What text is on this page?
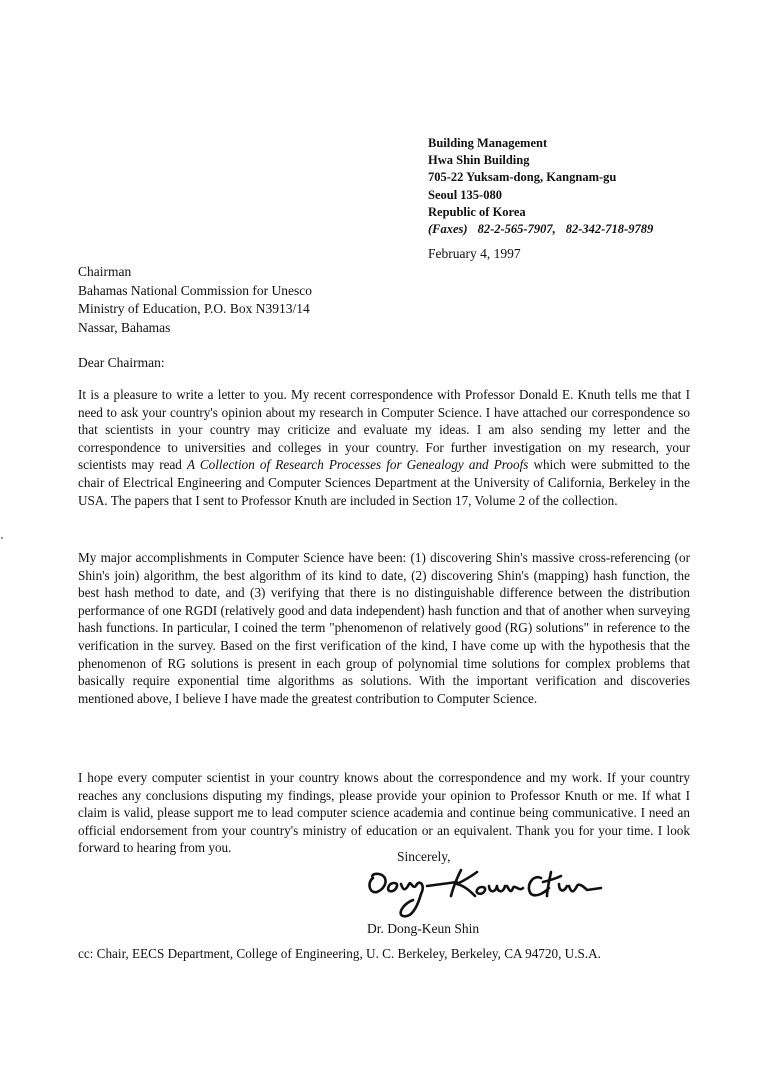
Building Management
Hwa Shin Building
705-22 Yuksam-dong, Kangnam-gu
Seoul 135-080
Republic of Korea
(Faxes) 82-2-565-7907, 82-342-718-9789
February 4, 1997
Chairman
Bahamas National Commission for Unesco
Ministry of Education, P.O. Box N3913/14
Nassar, Bahamas
Dear Chairman:
It is a pleasure to write a letter to you. My recent correspondence with Professor Donald E. Knuth tells me that I need to ask your country's opinion about my research in Computer Science. I have attached our correspondence so that scientists in your country may criticize and evaluate my ideas. I am also sending my letter and the correspondence to universities and colleges in your country. For further investigation on my research, your scientists may read A Collection of Research Processes for Genealogy and Proofs which were submitted to the chair of Electrical Engineering and Computer Sciences Department at the University of California, Berkeley in the USA. The papers that I sent to Professor Knuth are included in Section 17, Volume 2 of the collection.
My major accomplishments in Computer Science have been: (1) discovering Shin's massive cross-referencing (or Shin's join) algorithm, the best algorithm of its kind to date, (2) discovering Shin's (mapping) hash function, the best hash method to date, and (3) verifying that there is no distinguishable difference between the distribution performance of one RGDI (relatively good and data independent) hash function and that of another when surveying hash functions. In particular, I coined the term "phenomenon of relatively good (RG) solutions" in reference to the verification in the survey. Based on the first verification of the kind, I have come up with the hypothesis that the phenomenon of RG solutions is present in each group of polynomial time solutions for complex problems that basically require exponential time algorithms as solutions. With the important verification and discoveries mentioned above, I believe I have made the greatest contribution to Computer Science.
I hope every computer scientist in your country knows about the correspondence and my work. If your country reaches any conclusions disputing my findings, please provide your opinion to Professor Knuth or me. If what I claim is valid, please support me to lead computer science academia and continue being communicative. I need an official endorsement from your country's ministry of education or an equivalent. Thank you for your time. I look forward to hearing from you.
Sincerely,
Dr. Dong-Keun Shin
cc: Chair, EECS Department, College of Engineering, U. C. Berkeley, Berkeley, CA 94720, U.S.A.
